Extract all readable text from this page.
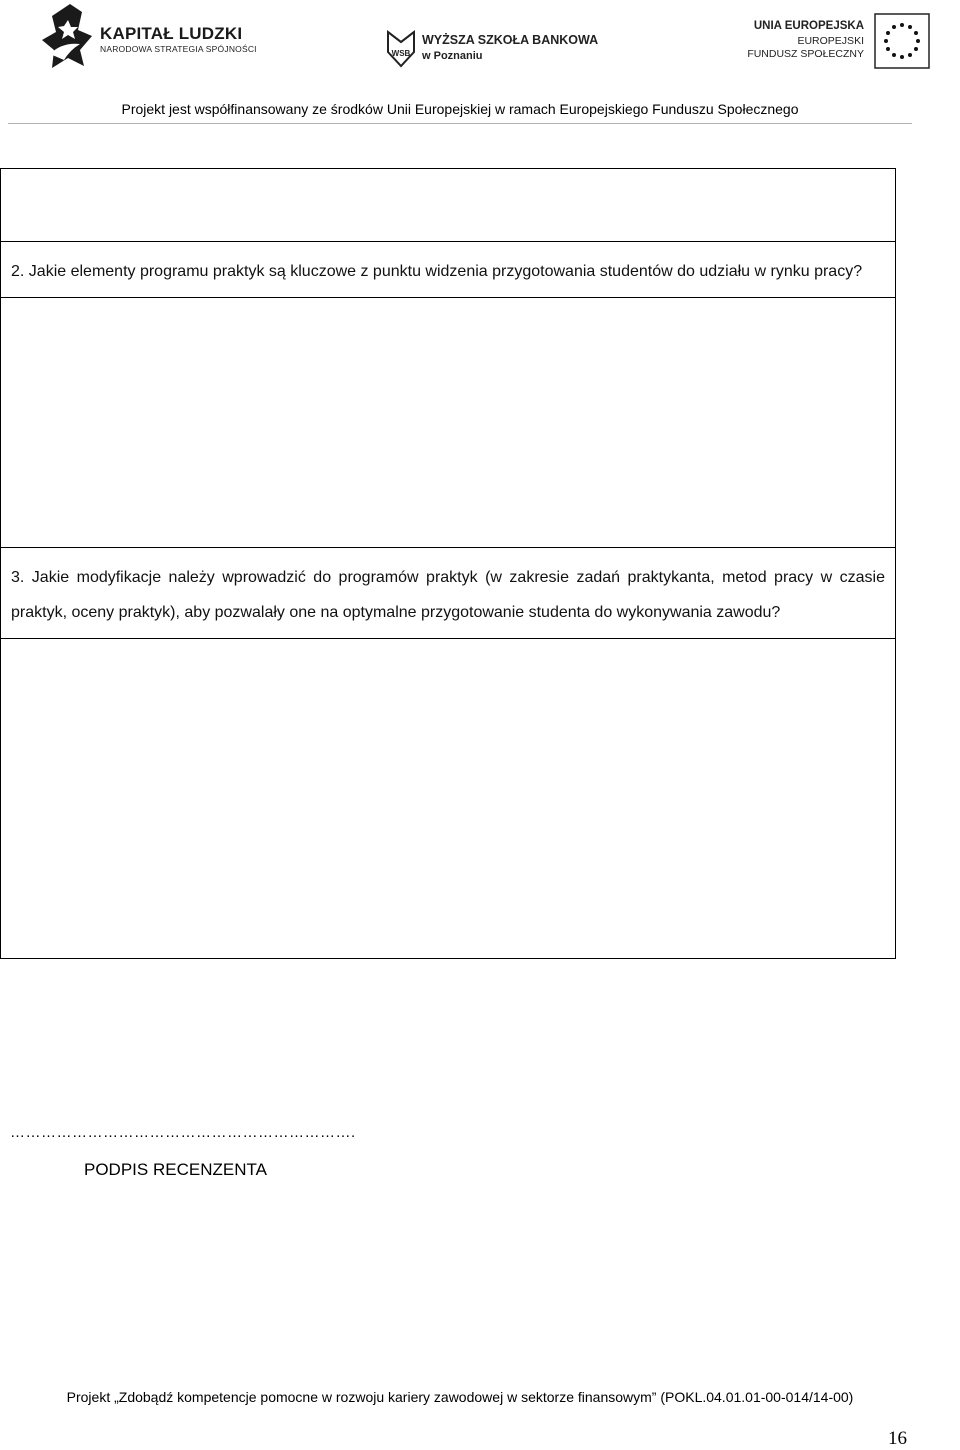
KAPITAŁ LUDZKI
NARODOWA STRATEGIA SPÓJNOŚCI	WSB
WYŻSZA SZKOŁA BANKOWA
w Poznaniu
UNIA EUROPEJSKA
EUROPEJSKI
FUNDUSZ SPOŁECZNY
Projekt jest współfinansowany ze środków Unii Europejskiej w ramach Europejskiego Funduszu Społecznego
2. Jakie elementy programu praktyk są kluczowe z punktu widzenia przygotowania studentów do udziału w rynku pracy?
3. Jakie modyfikacje należy wprowadzić do programów praktyk (w zakresie zadań praktykanta, metod pracy w czasie praktyk, oceny praktyk), aby pozwalały one na optymalne przygotowanie studenta do wykonywania zawodu?
………………………………………………………….
PODPIS RECENZENTA
Projekt „Zdobądź kompetencje pomocne w rozwoju kariery zawodowej w sektorze finansowym” (POKL.04.01.01-00-014/14-00)
16
